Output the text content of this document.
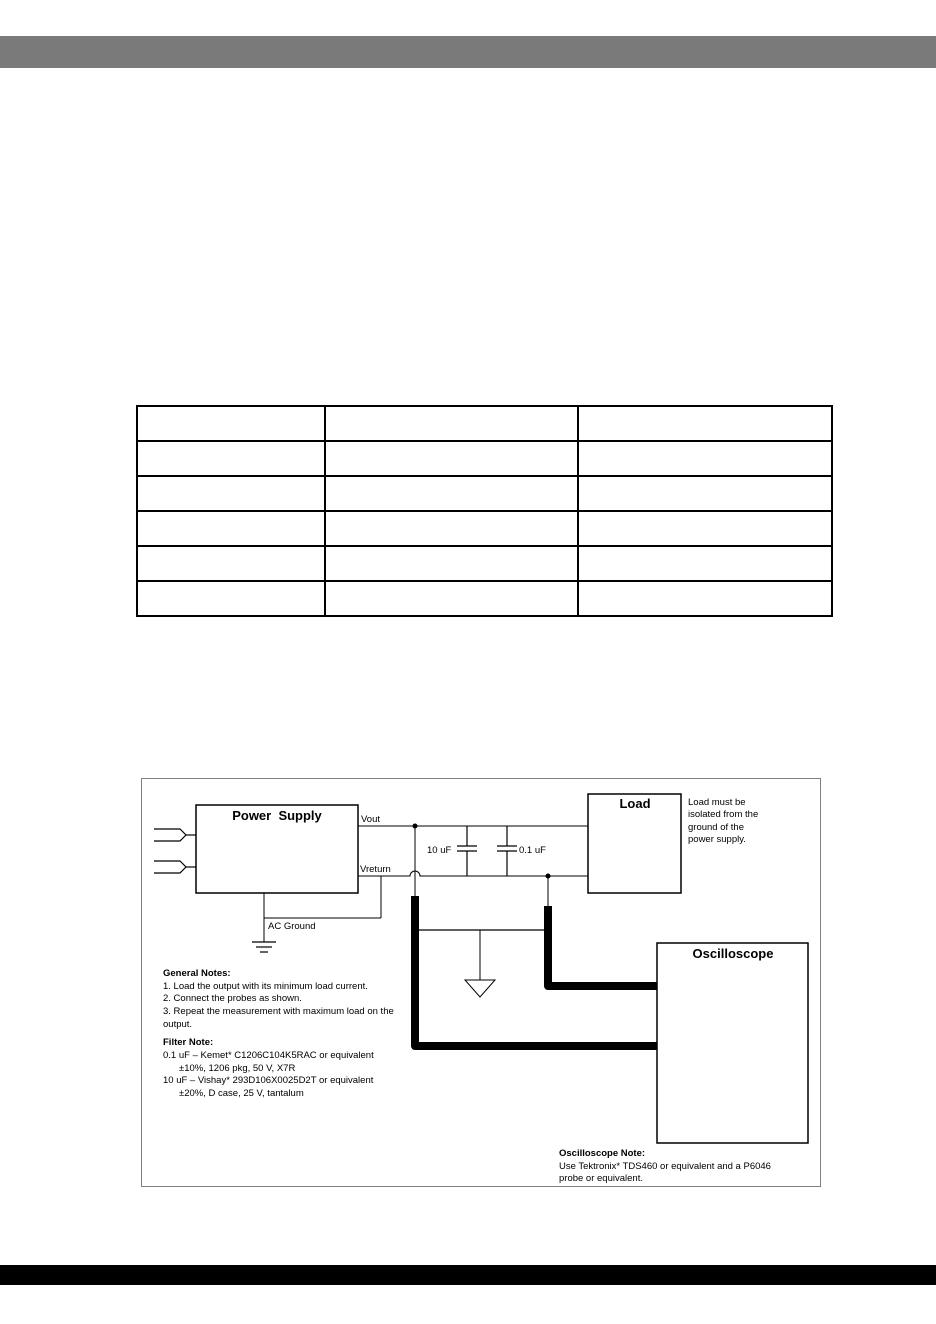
Power  Supply	Vout
Vreturn
AC Ground
10 uF	0.1 uF
Load	Load must be
isolated from the
ground of the
power supply.
Oscilloscope
General Notes:
1. Load the output with its minimum load current.
2. Connect the probes as shown.
3. Repeat the measurement with maximum load on the
output.
Filter Note:
0.1 uF – Kemet* C1206C104K5RAC or equivalent
±10%, 1206 pkg, 50 V, X7R
10 uF – Vishay* 293D106X0025D2T or equivalent
±20%, D case, 25 V, tantalum
Oscilloscope Note:
Use Tektronix* TDS460 or equivalent and a P6046
probe or equivalent.
